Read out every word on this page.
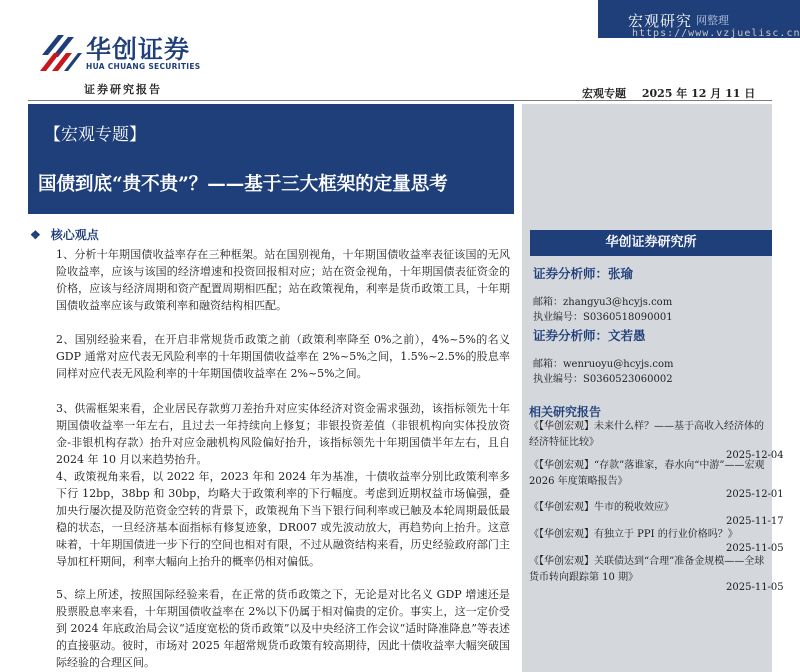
宏观研究 网整理
https://www.vzjuelisc.cn
华创证券
HUA CHUANG SECURITIES
证券研究报告	宏观专题 2025 年 12 月 11 日
【宏观专题】
国债到底“贵不贵”？——基于三大框架的定量思考
华创证券研究所
证券分析师：张瑜
邮箱：zhangyu3@hcyjs.com
执业编号：S0360518090001
证券分析师：文若愚
邮箱：wenruoyu@hcyjs.com
执业编号：S0360523060002
相关研究报告
《【华创宏观】未来什么样？——基于高收入经济体的经济特征比较》
2025-12-04
《【华创宏观】“存款”落谁家，春水向“中游”——宏观 2026 年度策略报告》
2025-12-01
《【华创宏观】牛市的税收效应》
2025-11-17
《【华创宏观】有独立于 PPI 的行业价格吗？》
2025-11-05
《【华创宏观】关联债达到“合理”准备金规模——全球货币转向跟踪第 10 期》
2025-11-05
❖ 核心观点

1、分析十年期国债收益率存在三种框架。站在国别视角，十年期国债收益率表征该国的无风险收益率，应该与该国的经济增速和投资回报相对应；站在资金视角，十年期国债表征资金的价格，应该与经济周期和资产配置周期相匹配；站在政策视角，利率是货币政策工具，十年期国债收益率应该与政策利率和融资结构相匹配。

2、国别经验来看，在开启非常规货币政策之前（政策利率降至 0%之前），4%~5%的名义 GDP 通常对应代表无风险利率的十年期国债收益率在 2%~5%之间，1.5%~2.5%的股息率同样对应代表无风险利率的十年期国债收益率在 2%~5%之间。

3、供需框架来看，企业居民存款剪刀差抬升对应实体经济对资金需求强劲，该指标领先十年期国债收益率一年左右，且过去一年持续向上修复；非银投资差值（非银机构向实体投放资金-非银机构存款）抬升对应金融机构风险偏好抬升，该指标领先十年期国债半年左右，且自 2024 年 10 月以来趋势抬升。

4、政策视角来看，以 2022 年，2023 年和 2024 年为基准，十债收益率分别比政策利率多下行 12bp，38bp 和 30bp，均略大于政策利率的下行幅度。考虑到近期权益市场偏强，叠加央行屡次提及防范资金空转的背景下，政策视角下当下银行间利率或已触及本轮周期最低最稳的状态，一旦经济基本面指标有修复迹象，DR007 或先波动放大，再趋势向上抬升。这意味着，十年期国债进一步下行的空间也相对有限，不过从融资结构来看，历史经验政府部门主导加杠杆期间，利率大幅向上抬升的概率仍相对偏低。

5、综上所述，按照国际经验来看，在正常的货币政策之下，无论是对比名义 GDP 增速还是股票股息率来看，十年期国债收益率在 2%以下仍属于相对偏贵的定价。事实上，这一定价受到 2024 年底政治局会议“适度宽松的货币政策”以及中央经济工作会议“适时降准降息”等表述的直接驱动。彼时，市场对 2025 年超常规货币政策有较高期待，因此十债收益率大幅突破国际经验的合理区间。
